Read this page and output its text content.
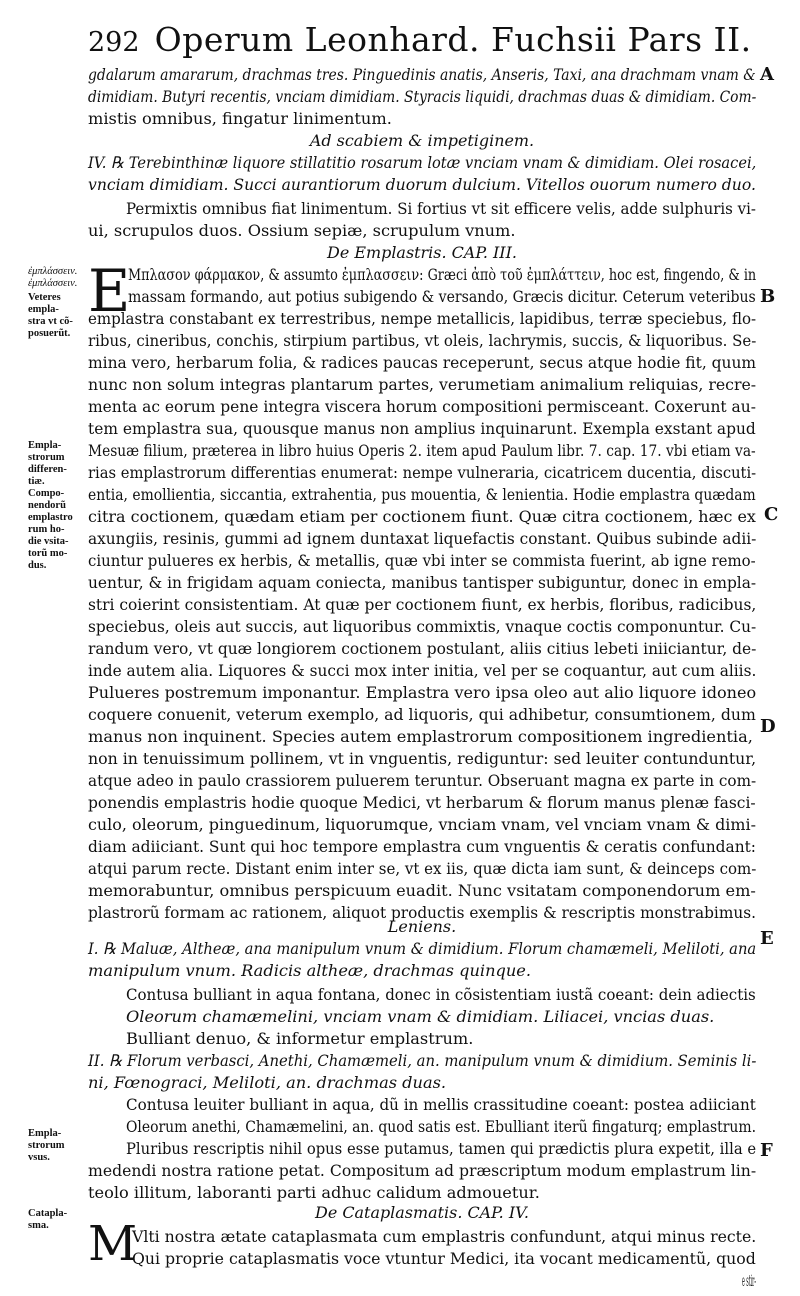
292 Operum Leonhard. Fuchsii Pars II.
gdalarum amararum, drachmas tres. Pinguedinis anatis, Anseris, Taxi, ana drachmam vnam &
dimidiam. Butyri recentis, vnciam dimidiam. Styracis liquidi, drachmas duas & dimidiam. Com-
mistis omnibus, fingatur linimentum.
Ad scabiem & impetiginem.
IV. ℞ Terebinthinæ liquore stillatitio rosarum lotæ vnciam vnam & dimidiam. Olei rosacei,
vnciam dimidiam. Succi aurantiorum duorum dulcium. Vitellos ouorum numero duo.
Permixtis omnibus fiat linimentum. Si fortius vt sit efficere velis, adde sulphuris vi-
ui, scrupulos duos. Ossium sepiæ, scrupulum vnum.
De Emplastris. CAP. III.
E
Μπλασον φάρμακον, & assumto ἐμπλασσειν: Græci ἀπὸ τοῦ ἐμπλάττειν, hoc est, fingendo, & in
massam formando, aut potius subigendo & versando, Græcis dicitur. Ceterum veteribus
emplastra constabant ex terrestribus, nempe metallicis, lapidibus, terræ speciebus, flo-
ribus, cineribus, conchis, stirpium partibus, vt oleis, lachrymis, succis, & liquoribus. Se-
mina vero, herbarum folia, & radices paucas receperunt, secus atque hodie fit, quum
nunc non solum integras plantarum partes, verumetiam animalium reliquias, recre-
menta ac eorum pene integra viscera horum compositioni permisceant. Coxerunt au-
tem emplastra sua, quousque manus non amplius inquinarunt. Exempla exstant apud
Mesuæ filium, præterea in libro huius Operis 2. item apud Paulum libr. 7. cap. 17. vbi etiam va-
rias emplastrorum differentias enumerat: nempe vulneraria, cicatricem ducentia, discuti-
entia, emollientia, siccantia, extrahentia, pus mouentia, & lenientia. Hodie emplastra quædam
citra coctionem, quædam etiam per coctionem fiunt. Quæ citra coctionem, hæc ex
axungiis, resinis, gummi ad ignem duntaxat liquefactis constant. Quibus subinde adii-
ciuntur pulueres ex herbis, & metallis, quæ vbi inter se commista fuerint, ab igne remo-
uentur, & in frigidam aquam coniecta, manibus tantisper subiguntur, donec in empla-
stri coierint consistentiam. At quæ per coctionem fiunt, ex herbis, floribus, radicibus,
speciebus, oleis aut succis, aut liquoribus commixtis, vnaque coctis componuntur. Cu-
randum vero, vt quæ longiorem coctionem postulant, aliis citius lebeti iniiciantur, de-
inde autem alia. Liquores & succi mox inter initia, vel per se coquantur, aut cum aliis.
Pulueres postremum imponantur. Emplastra vero ipsa oleo aut alio liquore idoneo
coquere conuenit, veterum exemplo, ad liquoris, qui adhibetur, consumtionem, dum
manus non inquinent. Species autem emplastrorum compositionem ingredientia,
non in tenuissimum pollinem, vt in vnguentis, rediguntur: sed leuiter contunduntur,
atque adeo in paulo crassiorem puluerem teruntur. Obseruant magna ex parte in com-
ponendis emplastris hodie quoque Medici, vt herbarum & florum manus plenæ fasci-
culo, oleorum, pinguedinum, liquorumque, vnciam vnam, vel vnciam vnam & dimi-
diam adiiciant. Sunt qui hoc tempore emplastra cum vnguentis & ceratis confundant:
atqui parum recte. Distant enim inter se, vt ex iis, quæ dicta iam sunt, & deinceps com-
memorabuntur, omnibus perspicuum euadit. Nunc vsitatam componendorum em-
plastrorũ formam ac rationem, aliquot productis exemplis & rescriptis monstrabimus.
Leniens.
I. ℞ Maluæ, Altheæ, ana manipulum vnum & dimidium. Florum chamæmeli, Meliloti, ana
manipulum vnum. Radicis altheæ, drachmas quinque.
Contusa bulliant in aqua fontana, donec in cõsistentiam iustã coeant: dein adiectis
Oleorum chamæmelini, vnciam vnam & dimidiam. Liliacei, vncias duas.
Bulliant denuo, & informetur emplastrum.
II. ℞ Florum verbasci, Anethi, Chamæmeli, an. manipulum vnum & dimidium. Seminis li-
ni, Fœnograci, Meliloti, an. drachmas duas.
Contusa leuiter bulliant in aqua, dũ in mellis crassitudine coeant: postea adiiciant
Oleorum anethi, Chamæmelini, an. quod satis est. Ebulliant iterũ fingaturq; emplastrum.
Pluribus rescriptis nihil opus esse putamus, tamen qui prædictis plura expetit, illa e
medendi nostra ratione petat. Compositum ad præscriptum modum emplastrum lin-
teolo illitum, laboranti parti adhuc calidum admouetur.
De Cataplasmatis. CAP. IV.
M
Vlti nostra ætate cataplasmata cum emplastris confundunt, atqui minus recte.
Qui proprie cataplasmatis voce vtuntur Medici, ita vocant medicamentũ, quod
e stir-
ἐμπλάσσειν.
ἐμπλάσσειν.
Veteres
empla-
stra vt cõ-
posuerũt.
Empla-
strorum
differen-
tiæ.
Compo-
nendorũ
emplastro
rum ho-
die vsita-
torũ mo-
dus.
Empla-
strorum
vsus.
Catapla-
sma.
A
B
C
D
E
F
